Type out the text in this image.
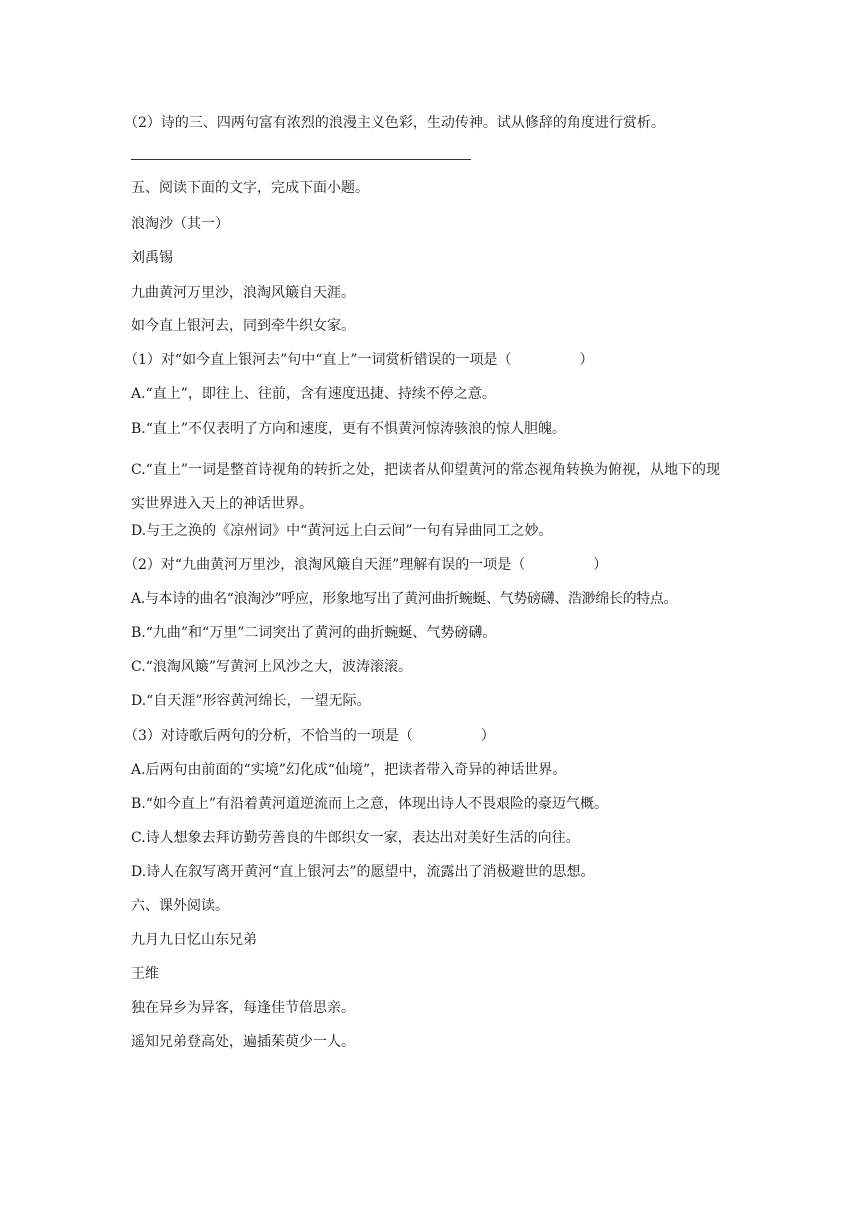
（2）诗的三、四两句富有浓烈的浪漫主义色彩，生动传神。试从修辞的角度进行赏析。
五、阅读下面的文字，完成下面小题。
浪淘沙（其一）
刘禹锡
九曲黄河万里沙，浪淘风簸自天涯。
如今直上银河去，同到牵牛织女家。
（1）对“如今直上银河去”句中“直上”一词赏析错误的一项是（	）
A.“直上”，即往上、往前，含有速度迅捷、持续不停之意。
B.“直上”不仅表明了方向和速度，更有不惧黄河惊涛骇浪的惊人胆魄。
C.“直上”一词是整首诗视角的转折之处，把读者从仰望黄河的常态视角转换为俯视，从地下的现实世界进入天上的神话世界。
D.与王之涣的《凉州词》中“黄河远上白云间”一句有异曲同工之妙。
（2）对“九曲黄河万里沙，浪淘风簸自天涯”理解有误的一项是（	）
A.与本诗的曲名“浪淘沙”呼应，形象地写出了黄河曲折蜿蜒、气势磅礴、浩渺绵长的特点。
B.“九曲”和“万里”二词突出了黄河的曲折蜿蜒、气势磅礴。
C.“浪淘风簸”写黄河上风沙之大，波涛滚滚。
D.“自天涯”形容黄河绵长，一望无际。
（3）对诗歌后两句的分析，不恰当的一项是（	）
A.后两句由前面的“实境”幻化成“仙境”，把读者带入奇异的神话世界。
B.“如今直上”有沿着黄河道逆流而上之意，体现出诗人不畏艰险的豪迈气概。
C.诗人想象去拜访勤劳善良的牛郎织女一家，表达出对美好生活的向往。
D.诗人在叙写离开黄河“直上银河去”的愿望中，流露出了消极避世的思想。
六、课外阅读。
九月九日忆山东兄弟
王维
独在异乡为异客，每逢佳节倍思亲。
遥知兄弟登高处，遍插茱萸少一人。
